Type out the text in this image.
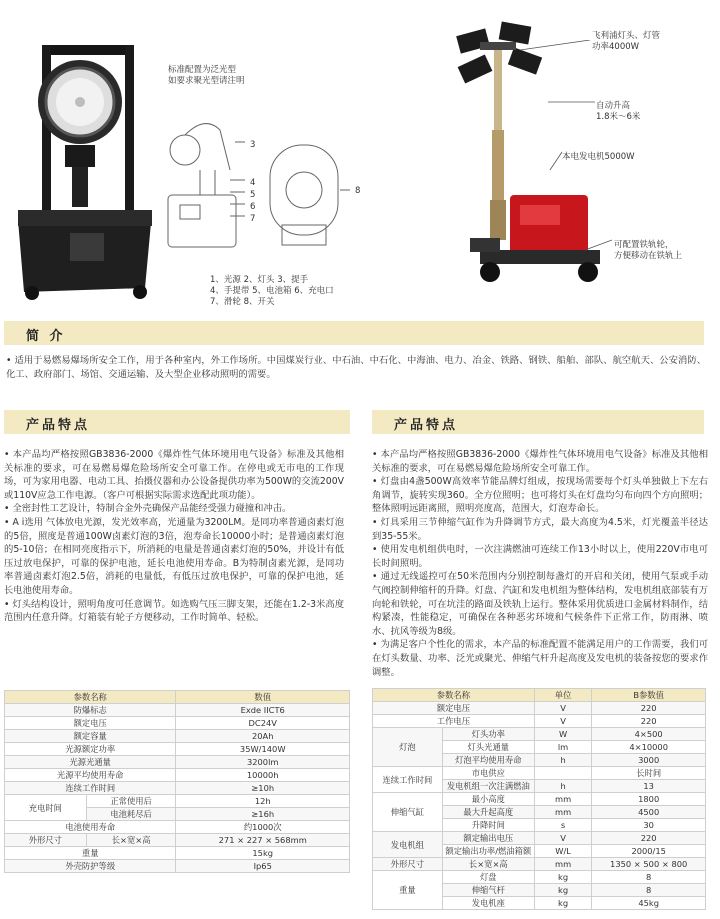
标准配置为泛光型
如要求聚光型请注明
3
4
5
6
7
8
1、光源 2、灯头 3、提手
4、手提带 5、电池箱 6、充电口
7、滑轮 8、开关
飞利浦灯头、灯管
功率4000W
自动升高
1.8米～6米
本电发电机5000W
可配置铁轨轮，
方便移动在铁轨上
简 介
• 适用于易燃易爆场所安全工作，用于各种室内，外工作场所。中国煤炭行业、中石油、中石化、中海油、电力、冶金、铁路、钢铁、船舶、部队、航空航天、公安消防、化工、政府部门、场馆、交通运输、及大型企业移动照明的需要。
产品特点

• 本产品均严格按照GB3836-2000《爆炸性气体环境用电气设备》标准及其他相关标准的要求，可在易燃易爆危险场所安全可靠工作。在停电或无市电的工作现场，可为家用电器、电动工具、抬摄仪器和办公设备提供功率为500W的交流200V或110V应急工作电源。（客户可根据实际需求选配此项功能）。

• 全密封性工艺设计，特制合金外壳确保产品能经受强力碰撞和冲击。

• A i选用 气体放电光源，发光效率高，光通量为3200LM。是同功率普通卤素灯泡的5倍，照度是普通100W卤素灯泡的3倍，泡寿命长10000小时；是普通卤素灯泡的5-10倍；在相同亮度指示下，所消耗的电量是普通卤素灯泡的50%，并设计有低压过放电保护，可靠的保护电池，延长电池使用寿命。B为特制卤素光源，是同功率普通卤素灯泡2.5倍，消耗的电量低，有低压过放电保护，可靠的保护电池，延长电池使用寿命。

• 灯头结构设计，照明角度可任意调节。如选购气压三脚支架，还能在1.2-3米高度范围内任意升降。灯箱装有轮子方便移动，工作时简单、轻松。

产品特点

• 本产品均严格按照GB3836-2000《爆炸性气体环境用电气设备》标准及其他相关标准的要求，可在易燃易爆危险场所安全可靠工作。

• 灯盘由4盏500W高效率节能品牌灯组成，按现场需要每个灯头单独做上下左右角调节，旋转实现360。全方位照明；也可将灯头在灯盘均匀布向四个方向照明；整体照明远距离照，照明亮度高，范围大，灯泡寿命长。

• 灯具采用三节伸缩气缸作为升降调节方式，最大高度为4.5米，灯光覆盖半径达到35-55米。

• 使用发电机组供电时，一次注满燃油可连续工作13小时以上，使用220V市电可长时间照明。

• 通过无线遥控可在50米范围内分别控制每盏灯的开启和关闭，使用气泵或手动气阀控制伸缩杆的升降。灯盘、汽缸和发电机组为整体结构，发电机组底部装有万向轮和铁轮，可在坑洼的路面及铁轨上运行。整体采用优质进口金属材料制作，结构紧凑，性能稳定，可确保在各种恶劣环境和气候条件下正常工作，防雨淋、喷水、抗风等级为8级。

• 为满足客户个性化的需求，本产品的标准配置不能满足用户的工作需要，我们可在灯头数量、功率、泛光或聚光、伸缩气杆升起高度及发电机的装备按您的要求作调整。

参数名称		数值
防爆标志		Exde IICT6
额定电压		DC24V
额定容量		20Ah
光源额定功率		35W/140W
光源光通量		3200lm
光源平均使用寿命		10000h
连续工作时间		≥10h
充电时间	正常使用后	12h
	电池耗尽后	≥16h
电池使用寿命		约1000次
外形尺寸	长×宽×高	271 × 227 × 568mm
重量		15kg
外壳防护等级		Ip65
参数名称		单位	B参数值
额定电压		V	220
工作电压		V	220
灯泡	灯头功率	W	4×500
	灯头光通量	lm	4×10000
	灯泡平均使用寿命	h	3000
连续工作时间	市电供应		长时间
	发电机组一次注满燃油	h	13
伸缩气缸	最小高度	mm	1800
	最大升起高度	mm	4500
	升降时间	s	30
发电机组	额定输出电压	V	220
	额定输出功率/燃油箱额	W/L	2000/15
外形尺寸	长×宽×高	mm	1350 × 500 × 800
重量	灯盘	kg	8
	伸缩气杆	kg	8
	发电机座	kg	45kg
